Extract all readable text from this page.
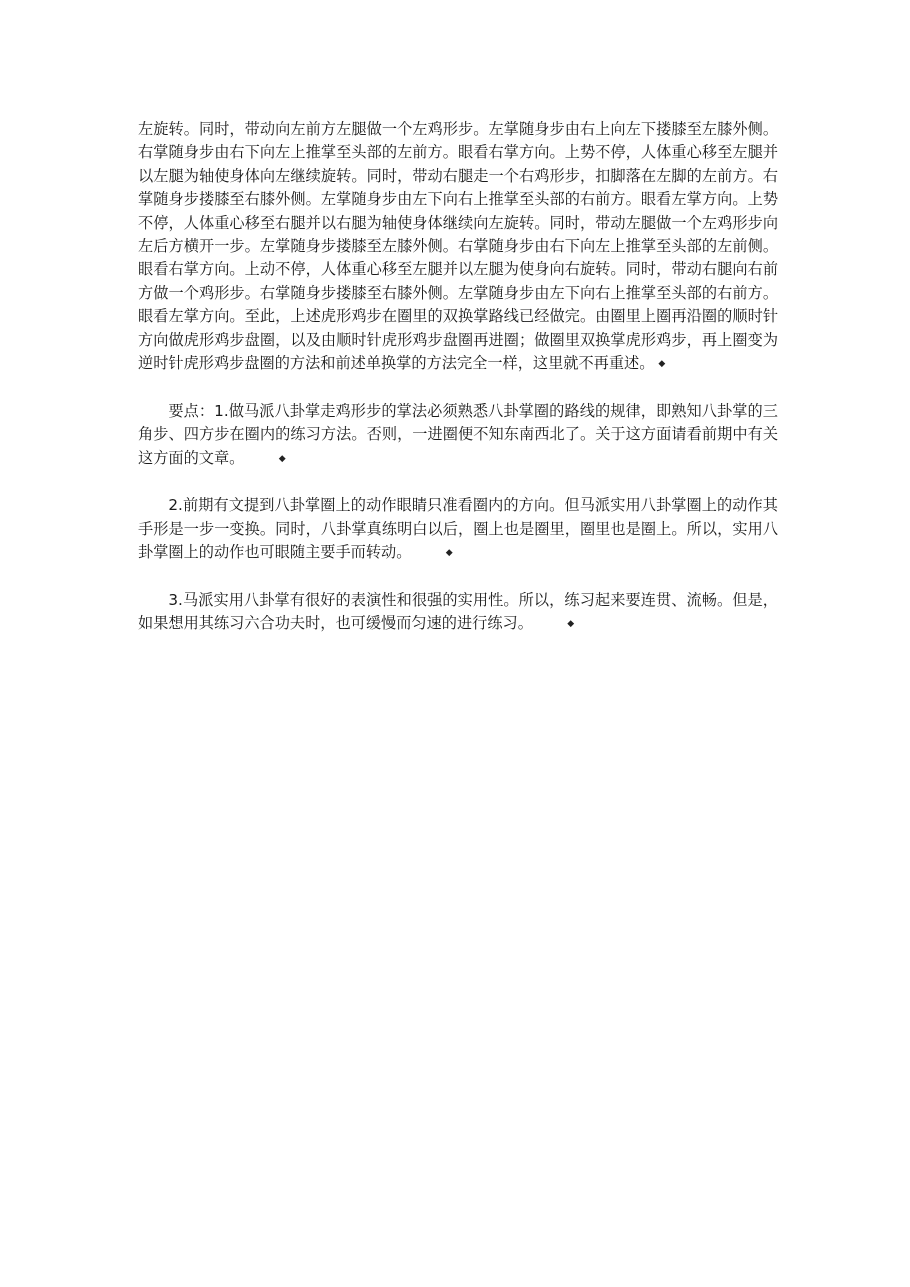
左旋转。同时，带动向左前方左腿做一个左鸡形步。左掌随身步由右上向左下搂膝至左膝外侧。右掌随身步由右下向左上推掌至头部的左前方。眼看右掌方向。上势不停，人体重心移至左腿并以左腿为轴使身体向左继续旋转。同时，带动右腿走一个右鸡形步，扣脚落在左脚的左前方。右掌随身步搂膝至右膝外侧。左掌随身步由左下向右上推掌至头部的右前方。眼看左掌方向。上势不停，人体重心移至右腿并以右腿为轴使身体继续向左旋转。同时，带动左腿做一个左鸡形步向左后方横开一步。左掌随身步搂膝至左膝外侧。右掌随身步由右下向左上推掌至头部的左前侧。眼看右掌方向。上动不停，人体重心移至左腿并以左腿为使身向右旋转。同时，带动右腿向右前方做一个鸡形步。右掌随身步搂膝至右膝外侧。左掌随身步由左下向右上推掌至头部的右前方。眼看左掌方向。至此，上述虎形鸡步在圈里的双换掌路线已经做完。由圈里上圈再沿圈的顺时针方向做虎形鸡步盘圈，以及由顺时针虎形鸡步盘圈再进圈；做圈里双换掌虎形鸡步，再上圈变为逆时针虎形鸡步盘圈的方法和前述单换掌的方法完全一样，这里就不再重述。 ◆

要点：1.做马派八卦掌走鸡形步的掌法必须熟悉八卦掌圈的路线的规律，即熟知八卦掌的三角步、四方步在圈内的练习方法。否则，一进圈便不知东南西北了。关于这方面请看前期中有关这方面的文章。	◆

2.前期有文提到八卦掌圈上的动作眼睛只准看圈内的方向。但马派实用八卦掌圈上的动作其手形是一步一变换。同时，八卦掌真练明白以后，圈上也是圈里，圈里也是圈上。所以，实用八卦掌圈上的动作也可眼随主要手而转动。	◆

3.马派实用八卦掌有很好的表演性和很强的实用性。所以，练习起来要连贯、流畅。但是，如果想用其练习六合功夫时，也可缓慢而匀速的进行练习。	◆
